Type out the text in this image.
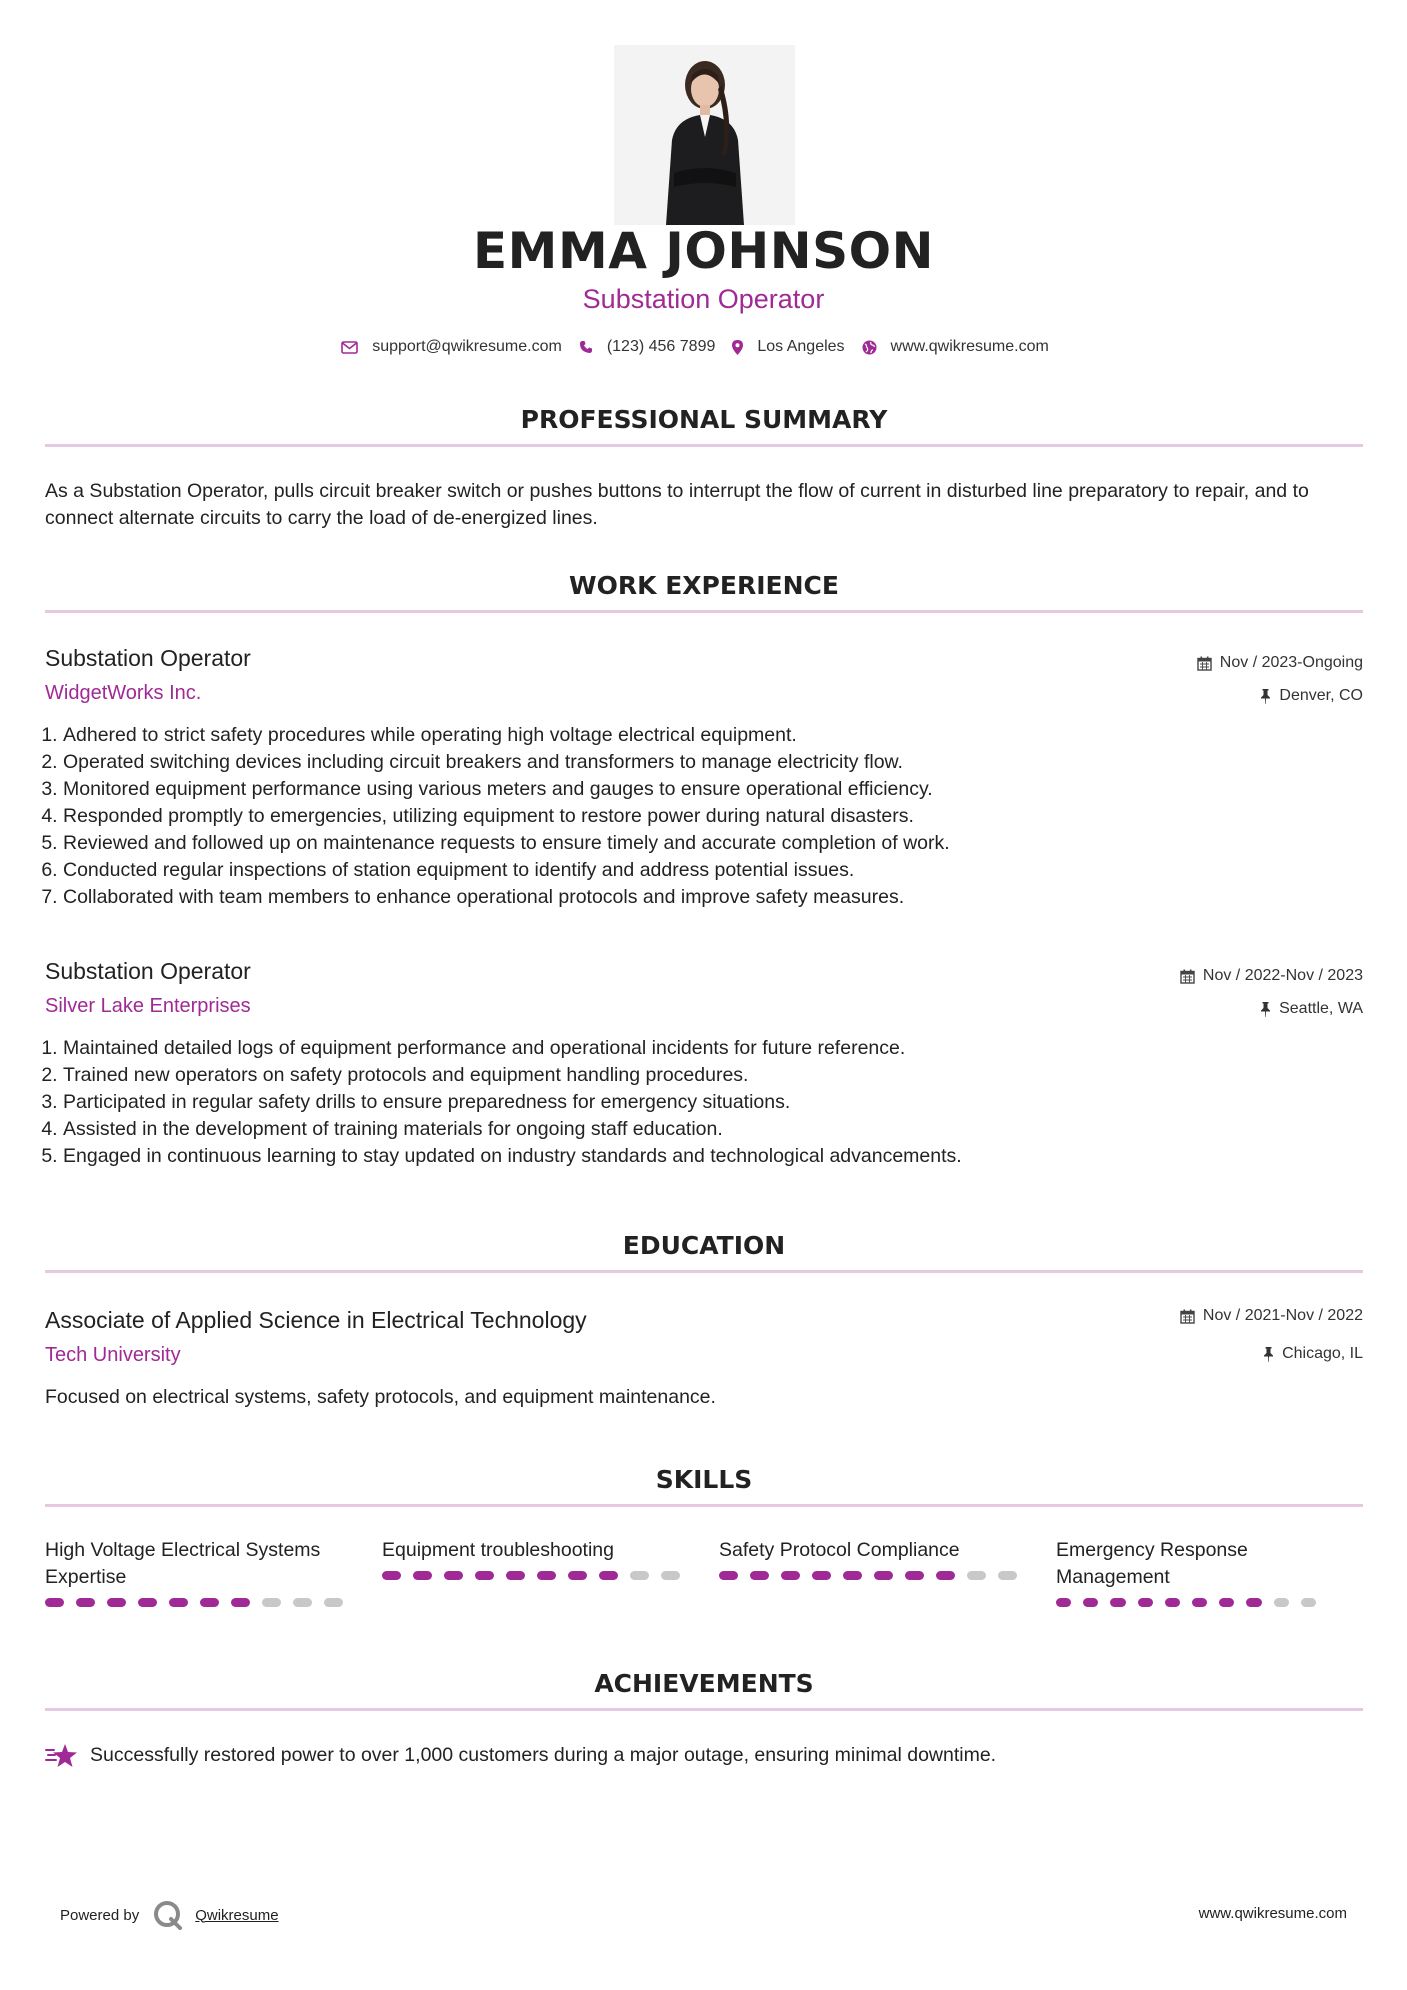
EMMA JOHNSON
Substation Operator
support@qwikresume.com	(123) 456 7899	Los Angeles	www.qwikresume.com
PROFESSIONAL SUMMARY
As a Substation Operator, pulls circuit breaker switch or pushes buttons to interrupt the flow of current in disturbed line preparatory to repair, and to connect alternate circuits to carry the load of de-energized lines.
WORK EXPERIENCE
Substation Operator
WidgetWorks Inc.
Nov / 2023-Ongoing
Denver, CO
1. Adhered to strict safety procedures while operating high voltage electrical equipment.
2. Operated switching devices including circuit breakers and transformers to manage electricity flow.
3. Monitored equipment performance using various meters and gauges to ensure operational efficiency.
4. Responded promptly to emergencies, utilizing equipment to restore power during natural disasters.
5. Reviewed and followed up on maintenance requests to ensure timely and accurate completion of work.
6. Conducted regular inspections of station equipment to identify and address potential issues.
7. Collaborated with team members to enhance operational protocols and improve safety measures.
Substation Operator
Silver Lake Enterprises
Nov / 2022-Nov / 2023
Seattle, WA
1. Maintained detailed logs of equipment performance and operational incidents for future reference.
2. Trained new operators on safety protocols and equipment handling procedures.
3. Participated in regular safety drills to ensure preparedness for emergency situations.
4. Assisted in the development of training materials for ongoing staff education.
5. Engaged in continuous learning to stay updated on industry standards and technological advancements.
EDUCATION
Associate of Applied Science in Electrical Technology
Tech University
Nov / 2021-Nov / 2022
Chicago, IL
Focused on electrical systems, safety protocols, and equipment maintenance.
SKILLS
High Voltage Electrical Systems Expertise
Equipment troubleshooting	Safety Protocol Compliance	Emergency Response Management
ACHIEVEMENTS
Successfully restored power to over 1,000 customers during a major outage, ensuring minimal downtime.
Powered by	Qwikresume	www.qwikresume.com
